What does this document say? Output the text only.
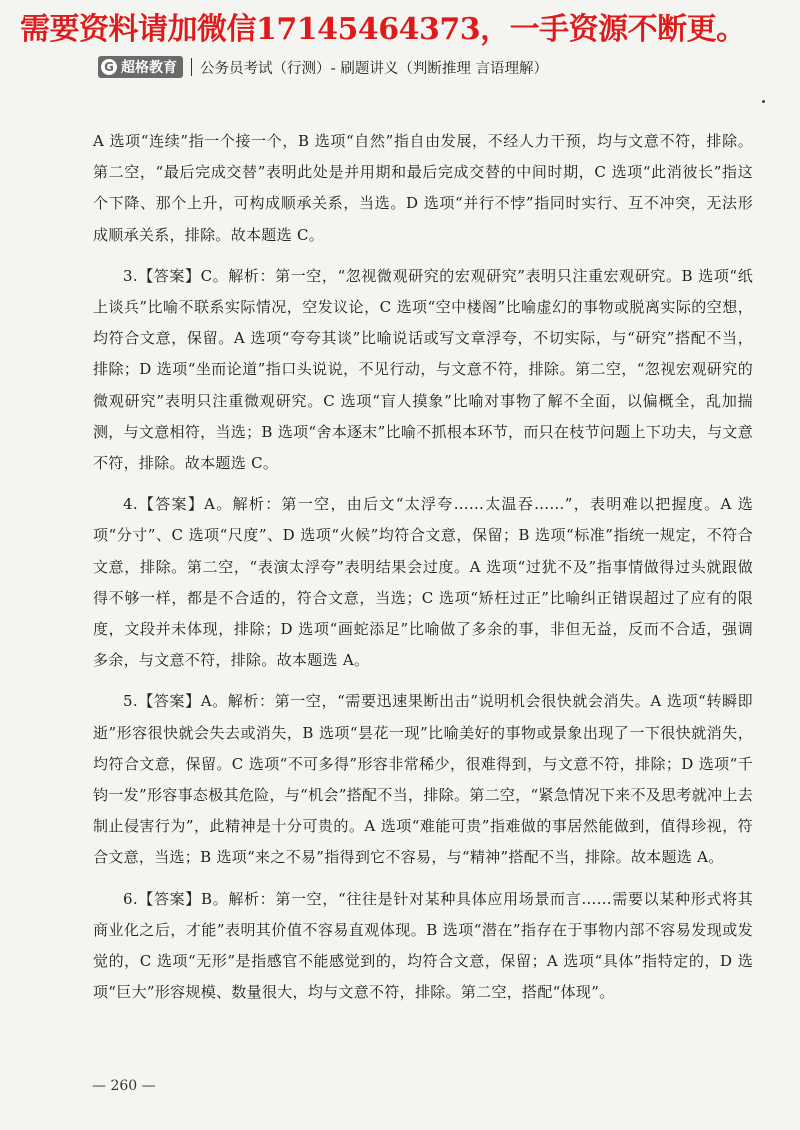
需要资料请加微信17145464373，一手资源不断更。
G 超格教育 公务员考试（行测）- 刷题讲义（判断推理 言语理解）

A 选项“连续”指一个接一个，B 选项“自然”指自由发展，不经人力干预，均与文意不符，排除。第二空，“最后完成交替”表明此处是并用期和最后完成交替的中间时期，C 选项“此消彼长”指这个下降、那个上升，可构成顺承关系，当选。D 选项“并行不悖”指同时实行、互不冲突，无法形成顺承关系，排除。故本题选 C。

3.【答案】C。解析：第一空，“忽视微观研究的宏观研究”表明只注重宏观研究。B 选项“纸上谈兵”比喻不联系实际情况，空发议论，C 选项“空中楼阁”比喻虚幻的事物或脱离实际的空想，均符合文意，保留。A 选项“夸夸其谈”比喻说话或写文章浮夸，不切实际，与“研究”搭配不当，排除；D 选项“坐而论道”指口头说说，不见行动，与文意不符，排除。第二空，“忽视宏观研究的微观研究”表明只注重微观研究。C 选项“盲人摸象”比喻对事物了解不全面，以偏概全，乱加揣测，与文意相符，当选；B 选项“舍本逐末”比喻不抓根本环节，而只在枝节问题上下功夫，与文意不符，排除。故本题选 C。

4.【答案】A。解析：第一空，由后文“太浮夸……太温吞……”，表明难以把握度。A 选项“分寸”、C 选项“尺度”、D 选项“火候”均符合文意，保留；B 选项“标准”指统一规定，不符合文意，排除。第二空，“表演太浮夸”表明结果会过度。A 选项“过犹不及”指事情做得过头就跟做得不够一样，都是不合适的，符合文意，当选；C 选项“矫枉过正”比喻纠正错误超过了应有的限度，文段并未体现，排除；D 选项“画蛇添足”比喻做了多余的事，非但无益，反而不合适，强调多余，与文意不符，排除。故本题选 A。

5.【答案】A。解析：第一空，“需要迅速果断出击”说明机会很快就会消失。A 选项“转瞬即逝”形容很快就会失去或消失，B 选项“昙花一现”比喻美好的事物或景象出现了一下很快就消失，均符合文意，保留。C 选项“不可多得”形容非常稀少，很难得到，与文意不符，排除；D 选项“千钧一发”形容事态极其危险，与“机会”搭配不当，排除。第二空，“紧急情况下来不及思考就冲上去制止侵害行为”，此精神是十分可贵的。A 选项“难能可贵”指难做的事居然能做到，值得珍视，符合文意，当选；B 选项“来之不易”指得到它不容易，与“精神”搭配不当，排除。故本题选 A。

6.【答案】B。解析：第一空，“往往是针对某种具体应用场景而言……需要以某种形式将其商业化之后，才能”表明其价值不容易直观体现。B 选项“潜在”指存在于事物内部不容易发现或发觉的，C 选项“无形”是指感官不能感觉到的，均符合文意，保留；A 选项“具体”指特定的，D 选项“巨大”形容规模、数量很大，均与文意不符，排除。第二空，搭配“体现”。

— 260 —
